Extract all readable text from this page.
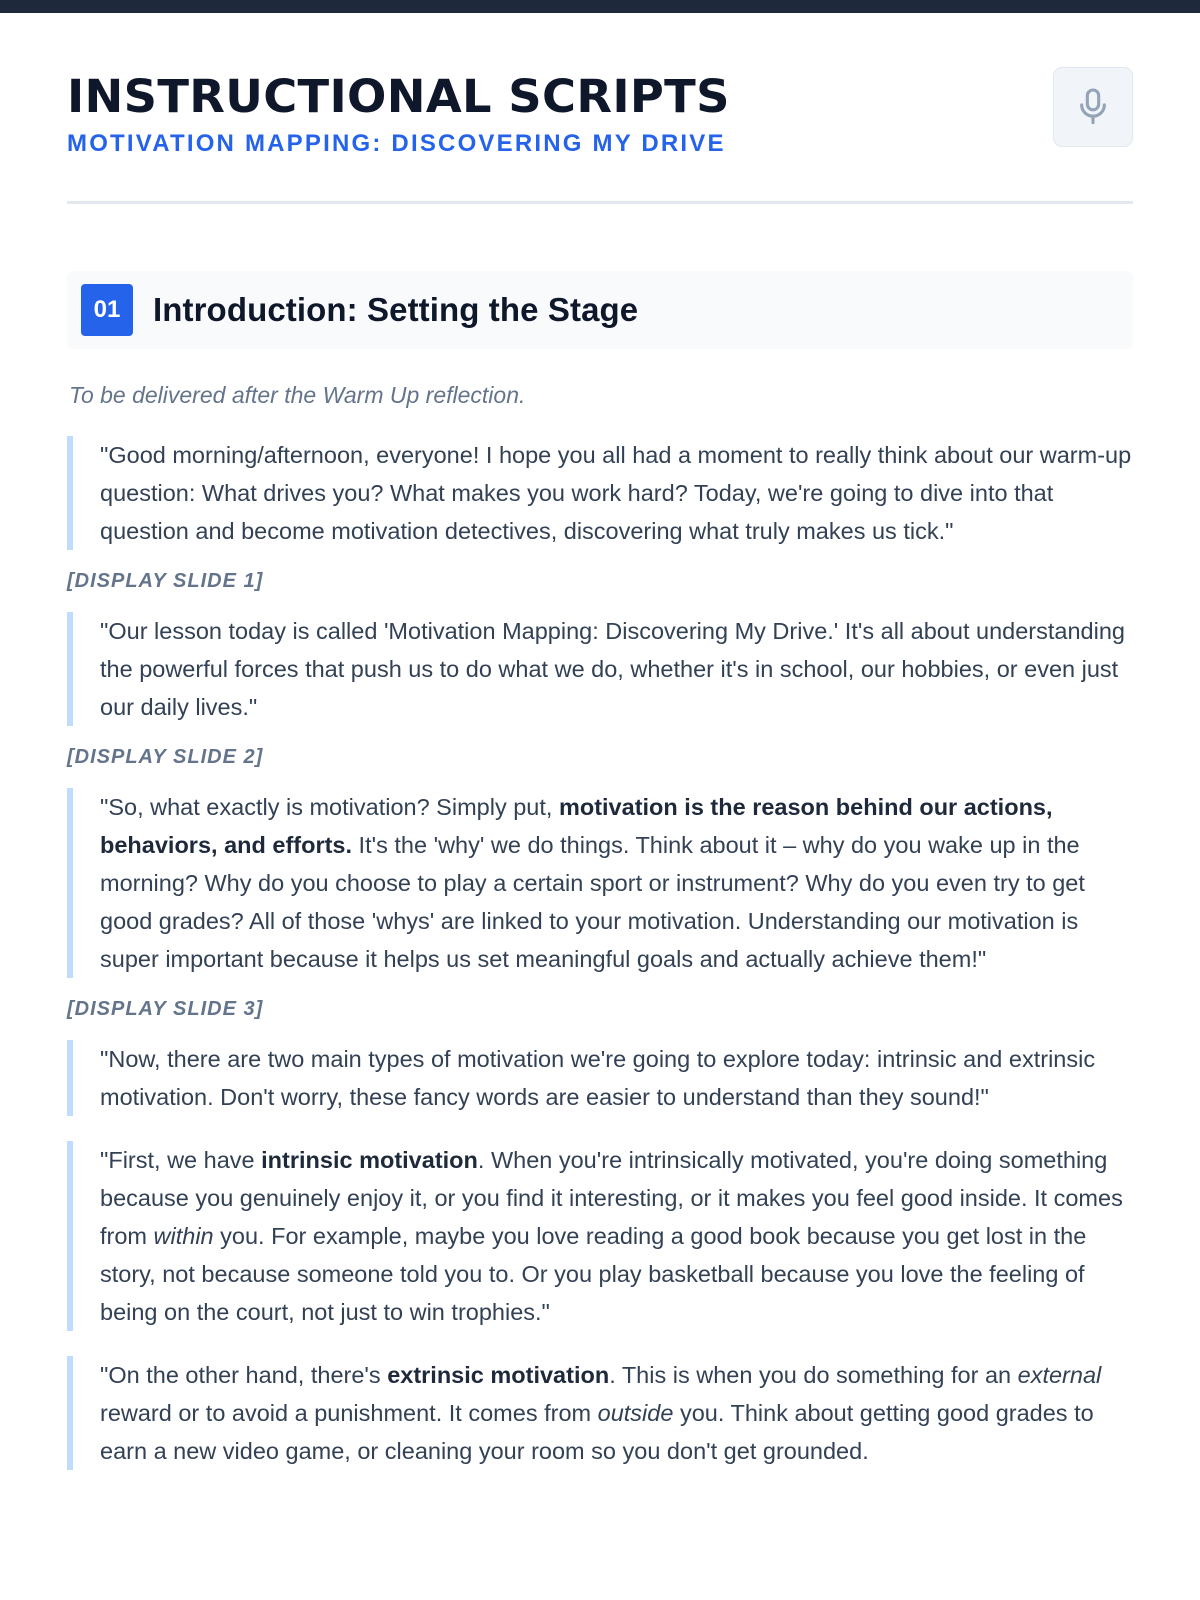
INSTRUCTIONAL SCRIPTS
MOTIVATION MAPPING: DISCOVERING MY DRIVE
01 Introduction: Setting the Stage
To be delivered after the Warm Up reflection.

"Good morning/afternoon, everyone! I hope you all had a moment to really think about our warm-up question: What drives you? What makes you work hard? Today, we're going to dive into that question and become motivation detectives, discovering what truly makes us tick."

[DISPLAY SLIDE 1]

"Our lesson today is called 'Motivation Mapping: Discovering My Drive.' It's all about understanding the powerful forces that push us to do what we do, whether it's in school, our hobbies, or even just our daily lives."

[DISPLAY SLIDE 2]

"So, what exactly is motivation? Simply put, motivation is the reason behind our actions, behaviors, and efforts. It's the 'why' we do things. Think about it – why do you wake up in the morning? Why do you choose to play a certain sport or instrument? Why do you even try to get good grades? All of those 'whys' are linked to your motivation. Understanding our motivation is super important because it helps us set meaningful goals and actually achieve them!"

[DISPLAY SLIDE 3]

"Now, there are two main types of motivation we're going to explore today: intrinsic and extrinsic motivation. Don't worry, these fancy words are easier to understand than they sound!"

"First, we have intrinsic motivation. When you're intrinsically motivated, you're doing something because you genuinely enjoy it, or you find it interesting, or it makes you feel good inside. It comes from within you. For example, maybe you love reading a good book because you get lost in the story, not because someone told you to. Or you play basketball because you love the feeling of being on the court, not just to win trophies."

"On the other hand, there's extrinsic motivation. This is when you do something for an external reward or to avoid a punishment. It comes from outside you. Think about getting good grades to earn a new video game, or cleaning your room so you don't get grounded.
